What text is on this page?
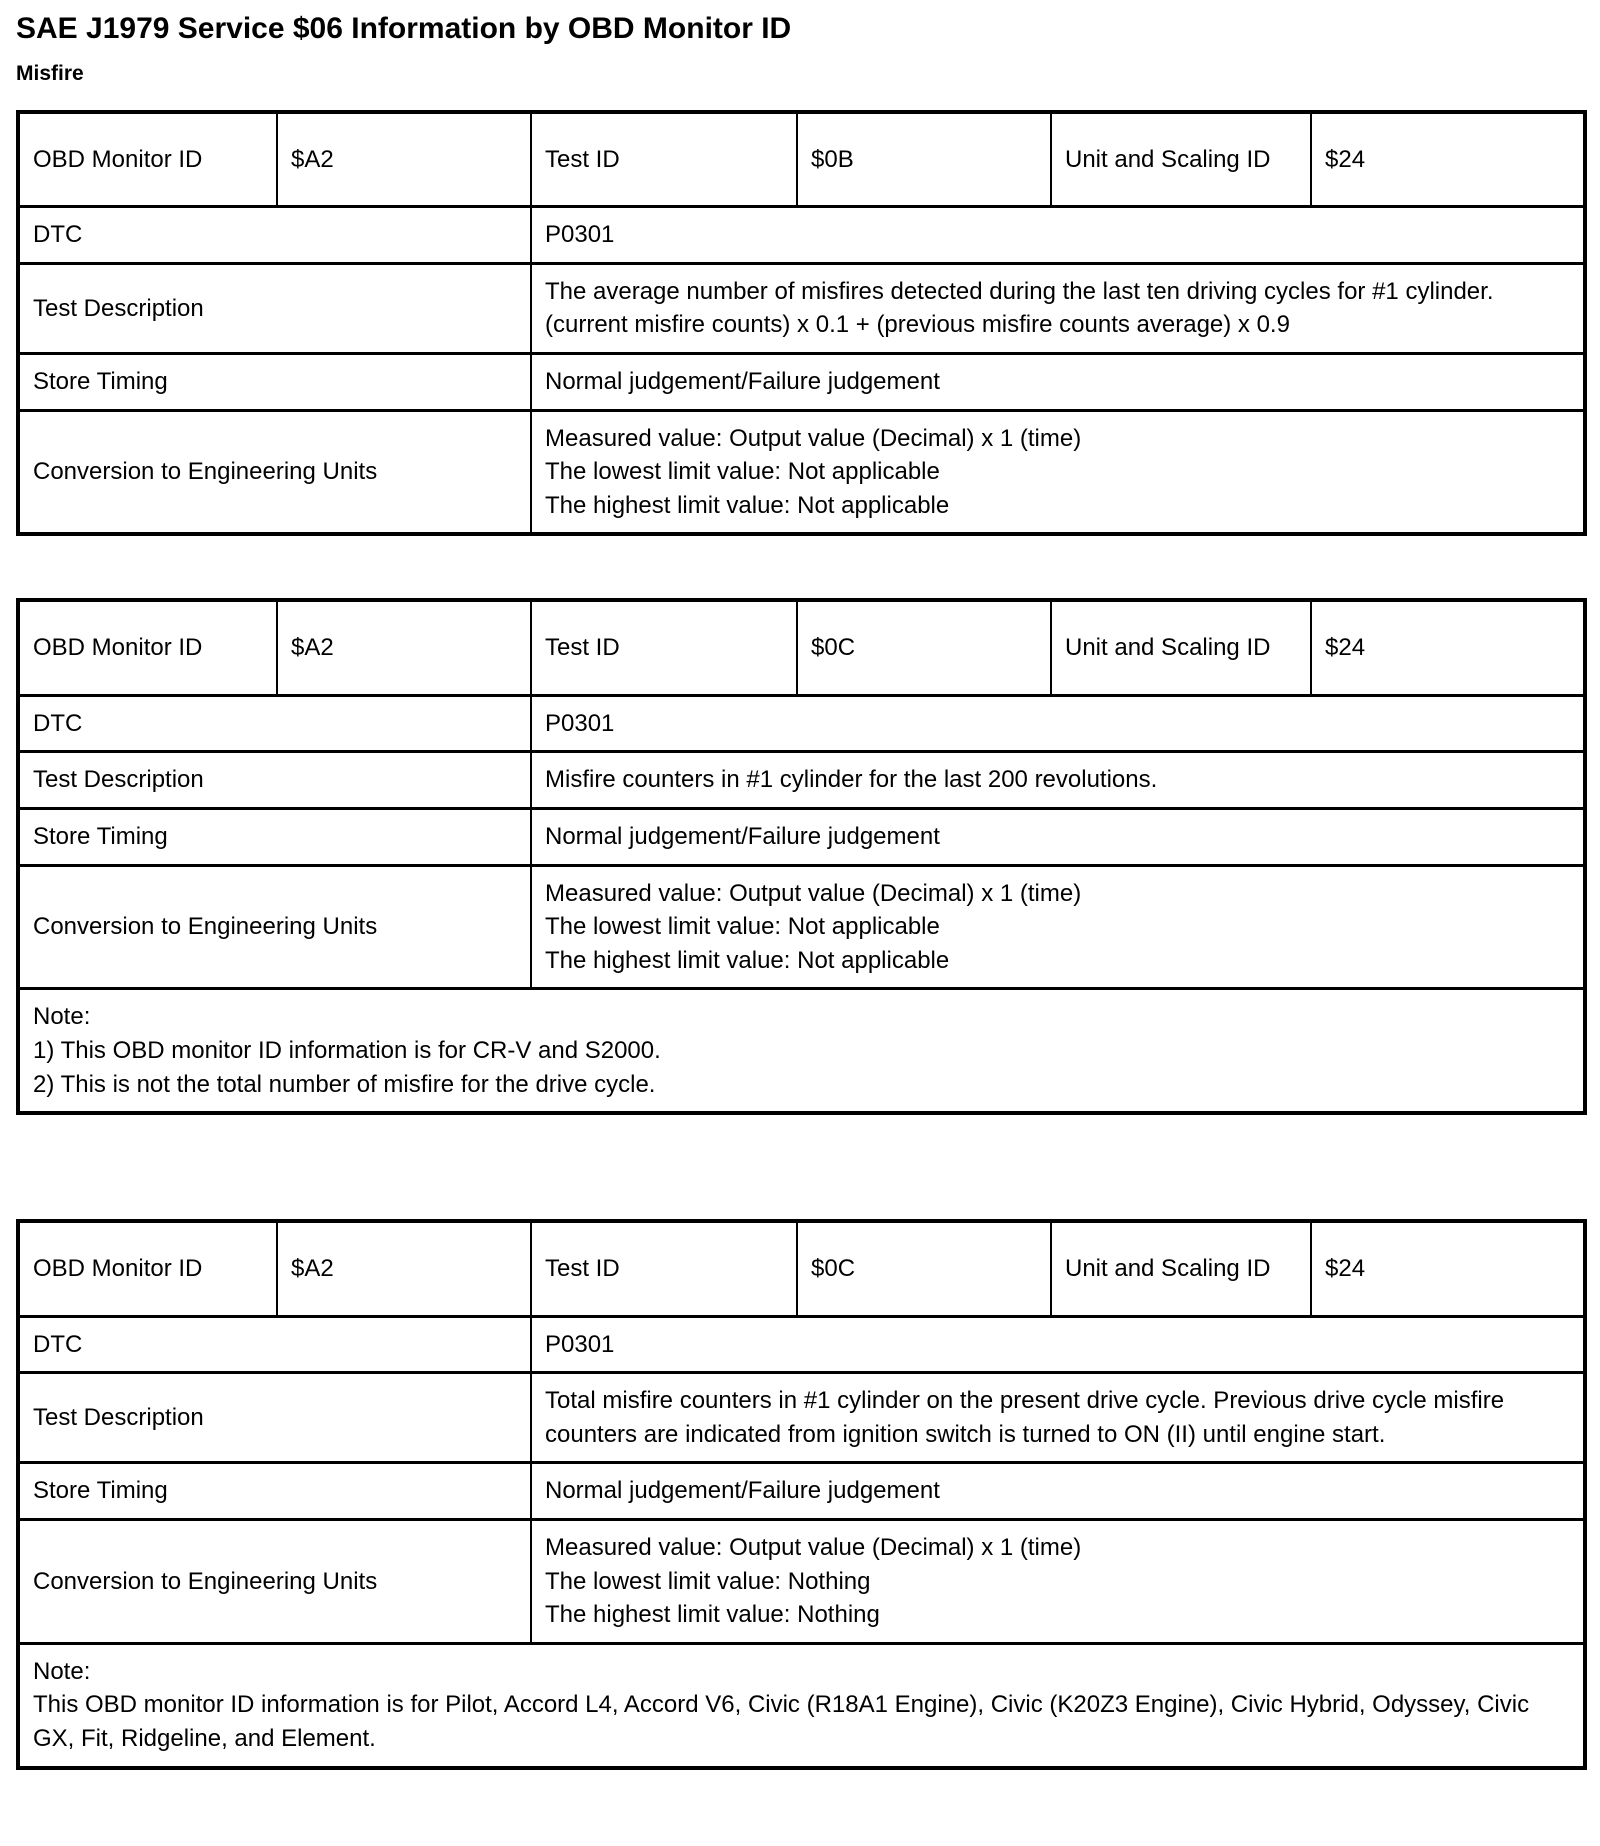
SAE J1979 Service $06 Information by OBD Monitor ID
Misfire
OBD Monitor ID	$A2	Test ID	$0B	Unit and Scaling ID	$24
DTC		P0301			

Test Description		The average number of misfires detected during the last ten driving cycles for #1 cylinder.
(current misfire counts) x 0.1 + (previous misfire counts average) x 0.9			

Store Timing		Normal judgement/Failure judgement			

Conversion to Engineering Units		Measured value: Output value (Decimal) x 1 (time)
The lowest limit value: Not applicable
The highest limit value: Not applicable			
OBD Monitor ID	$A2	Test ID	$0C	Unit and Scaling ID	$24
DTC		P0301			

Test Description		Misfire counters in #1 cylinder for the last 200 revolutions.			

Store Timing		Normal judgement/Failure judgement			

Conversion to Engineering Units		Measured value: Output value (Decimal) x 1 (time)
The lowest limit value: Not applicable
The highest limit value: Not applicable			

Note:
1) This OBD monitor ID information is for CR-V and S2000.
2) This is not the total number of misfire for the drive cycle.					
OBD Monitor ID	$A2	Test ID	$0C	Unit and Scaling ID	$24
DTC		P0301			

Test Description		Total misfire counters in #1 cylinder on the present drive cycle. Previous drive cycle misfire counters are indicated from ignition switch is turned to ON (II) until engine start.			

Store Timing		Normal judgement/Failure judgement			

Conversion to Engineering Units		Measured value: Output value (Decimal) x 1 (time)
The lowest limit value: Nothing
The highest limit value: Nothing			

Note:
This OBD monitor ID information is for Pilot, Accord L4, Accord V6, Civic (R18A1 Engine), Civic (K20Z3 Engine), Civic Hybrid, Odyssey, Civic GX, Fit, Ridgeline, and Element.					
